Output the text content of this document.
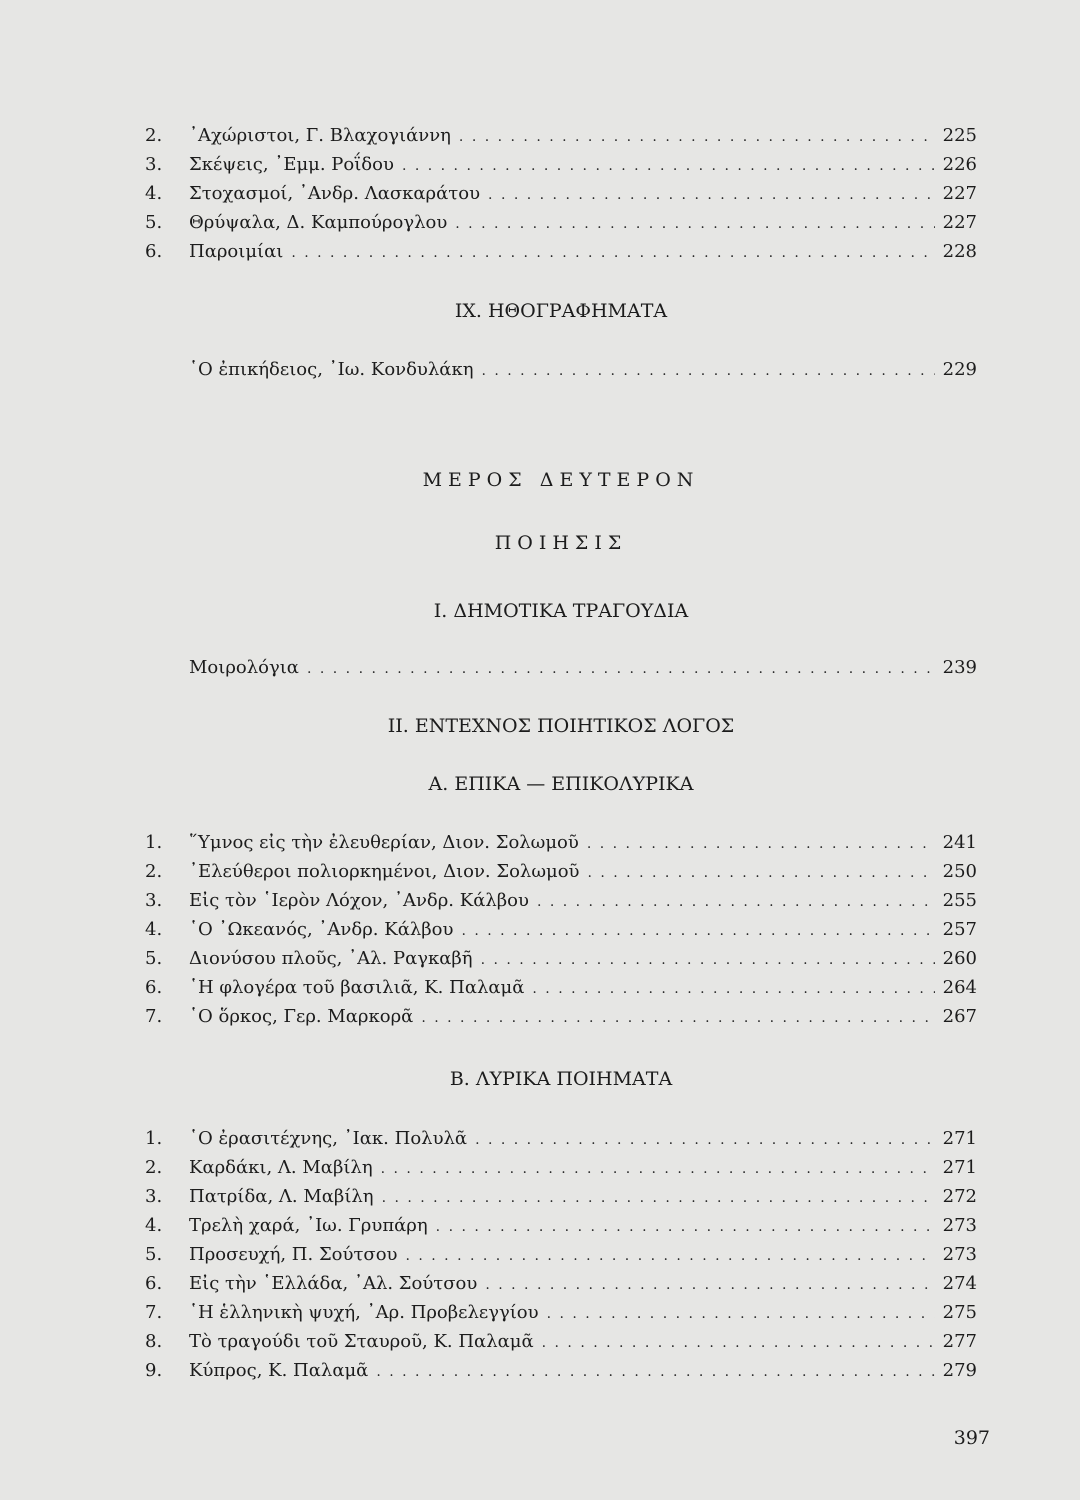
2.	᾿Αχώριστοι, Γ. Βλαχογιάννη . . .	225
3.	Σκέψεις, ᾿Εμμ. Ροΐδου . . .	226
4.	Στοχασμοί, ᾿Ανδρ. Λασκαράτου . . .	227
5.	Θρύψαλα, Δ. Καμπούρογλου . . .	227
6.	Παροιμίαι . . .	228
IX. ΗΘΟΓΡΑΦΗΜΑΤΑ
῾Ο ἐπικήδειος, ᾿Ιω. Κονδυλάκη . . .	229
ΜΕΡΟΣ ΔΕΥΤΕΡΟΝ
ΠΟΙΗΣΙΣ
I. ΔΗΜΟΤΙΚΑ ΤΡΑΓΟΥΔΙΑ
Μοιρολόγια . . .	239
II. ΕΝΤΕΧΝΟΣ ΠΟΙΗΤΙΚΟΣ ΛΟΓΟΣ
Α. ΕΠΙΚΑ — ΕΠΙΚΟΛΥΡΙΚΑ
1.	῞Υμνος εἰς τὴν ἐλευθερίαν, Διον. Σολωμοῦ . . .	241
2.	᾿Ελεύθεροι πολιορκημένοι, Διον. Σολωμοῦ . . .	250
3.	Εἰς τὸν ῾Ιερὸν Λόχον, ᾿Ανδρ. Κάλβου . . .	255
4.	῾Ο ᾿Ωκεανός, ᾿Ανδρ. Κάλβου . . .	257
5.	Διονύσου πλοῦς, ᾿Αλ. Ραγκαβῆ . . .	260
6.	῾Η φλογέρα τοῦ βασιλιᾶ, Κ. Παλαμᾶ . . .	264
7.	῾Ο ὅρκος, Γερ. Μαρκορᾶ . . .	267
Β. ΛΥΡΙΚΑ ΠΟΙΗΜΑΤΑ
1.	῾Ο ἐρασιτέχνης, ᾿Ιακ. Πολυλᾶ . . .	271
2.	Καρδάκι, Λ. Μαβίλη . . .	271
3.	Πατρίδα, Λ. Μαβίλη . . .	272
4.	Τρελὴ χαρά, ᾿Ιω. Γρυπάρη . . .	273
5.	Προσευχή, Π. Σούτσου . . .	273
6.	Εἰς τὴν ῾Ελλάδα, ᾿Αλ. Σούτσου . . .	274
7.	῾Η ἑλληνικὴ ψυχή, ᾿Αρ. Προβελεγγίου . . .	275
8.	Τὸ τραγούδι τοῦ Σταυροῦ, Κ. Παλαμᾶ . . .	277
9.	Κύπρος, Κ. Παλαμᾶ . . .	279
397
